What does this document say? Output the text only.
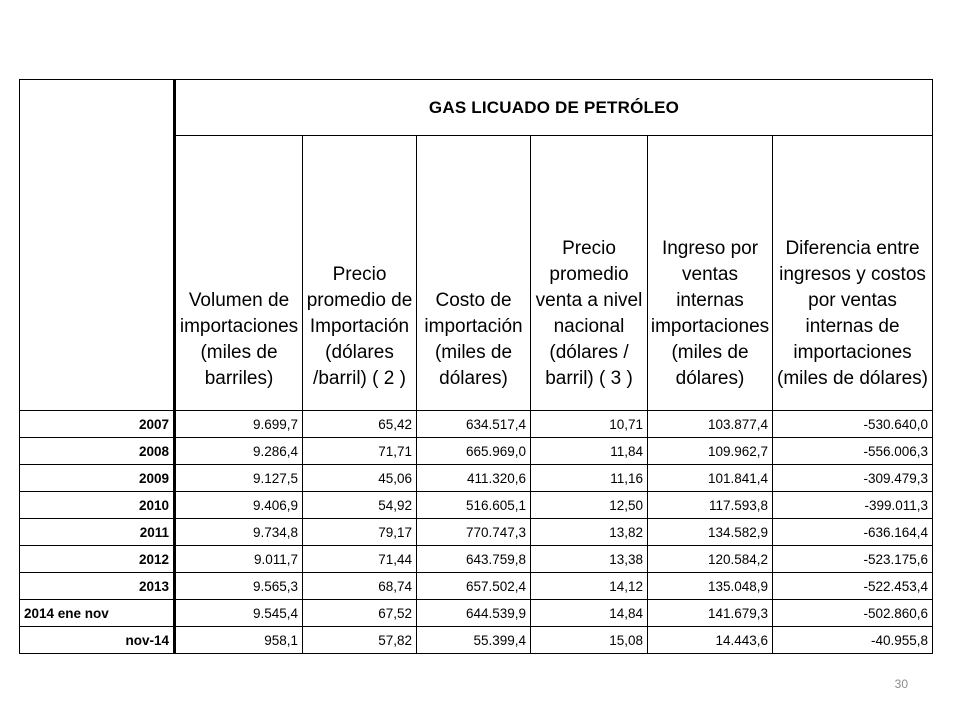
	GAS LICUADO DE PETRÓLEO					
	Volumen de importaciones (miles de barriles)	Precio promedio de Importación (dólares /barril) ( 2 )	Costo de importación (miles de dólares)	Precio promedio venta a nivel nacional (dólares / barril) ( 3 )	Ingreso por ventas internas importaciones (miles de dólares)	Diferencia entre ingresos y costos por ventas internas de importaciones (miles de dólares)
2007	9.699,7	65,42	634.517,4	10,71	103.877,4	-530.640,0
2008	9.286,4	71,71	665.969,0	11,84	109.962,7	-556.006,3
2009	9.127,5	45,06	411.320,6	11,16	101.841,4	-309.479,3
2010	9.406,9	54,92	516.605,1	12,50	117.593,8	-399.011,3
2011	9.734,8	79,17	770.747,3	13,82	134.582,9	-636.164,4
2012	9.011,7	71,44	643.759,8	13,38	120.584,2	-523.175,6
2013	9.565,3	68,74	657.502,4	14,12	135.048,9	-522.453,4
2014 ene nov	9.545,4	67,52	644.539,9	14,84	141.679,3	-502.860,6
nov-14	958,1	57,82	55.399,4	15,08	14.443,6	-40.955,8
30
